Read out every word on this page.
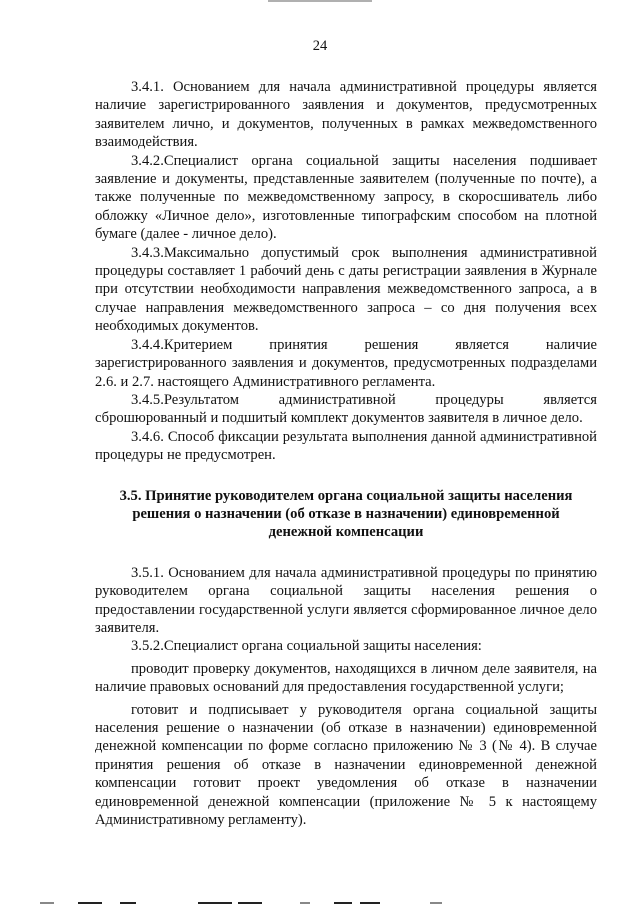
24

3.4.1. Основанием для начала административной процедуры является наличие зарегистрированного заявления и документов, предусмотренных заявителем лично, и документов, полученных в рамках межведомственного взаимодействия.

3.4.2.Специалист органа социальной защиты населения подшивает заявление и документы, представленные заявителем (полученные по почте), а также полученные по межведомственному запросу, в скоросшиватель либо обложку «Личное дело», изготовленные типографским способом на плотной бумаге (далее - личное дело).

3.4.3.Максимально допустимый срок выполнения административной процедуры составляет 1 рабочий день с даты регистрации заявления в Журнале при отсутствии необходимости направления межведомственного запроса, а в случае направления межведомственного запроса – со дня получения всех необходимых документов.

3.4.4.Критерием принятия решения является наличие зарегистрированного заявления и документов, предусмотренных подразделами 2.6. и 2.7. настоящего Административного регламента.

3.4.5.Результатом административной процедуры является сброшюрованный и подшитый комплект документов заявителя в личное дело.

3.4.6. Способ фиксации результата выполнения данной административной процедуры не предусмотрен.

3.5. Принятие руководителем органа социальной защиты населения решения о назначении (об отказе в назначении) единовременной денежной компенсации

3.5.1. Основанием для начала административной процедуры по принятию руководителем органа социальной защиты населения решения о предоставлении государственной услуги является сформированное личное дело заявителя.

3.5.2.Специалист органа социальной защиты населения:

проводит проверку документов, находящихся в личном деле заявителя, на наличие правовых оснований для предоставления государственной услуги;

готовит и подписывает у руководителя органа социальной защиты населения решение о назначении (об отказе в назначении) единовременной денежной компенсации по форме согласно приложению № 3 (№ 4). В случае принятия решения об отказе в назначении единовременной денежной компенсации готовит проект уведомления об отказе в назначении единовременной денежной компенсации (приложение № 5 к настоящему Административному регламенту).
